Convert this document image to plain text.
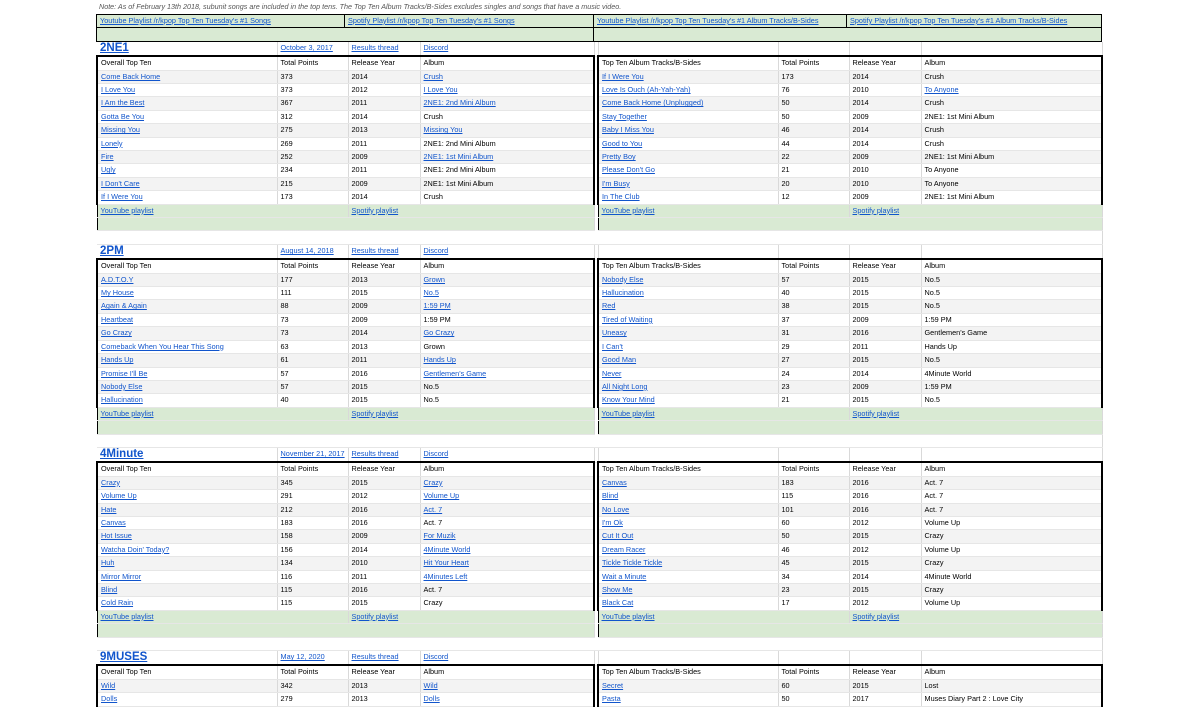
Note: As of February 13th 2018, subunit songs are included in the top tens. The Top Ten Album Tracks/B-Sides excludes singles and songs that have a music video.
Youtube Playlist /r/kpop Top Ten Tuesday's #1 Songs	Spotify Playlist /r/kpop Top Ten Tuesday's #1 Songs	Youtube Playlist /r/kpop Top Ten Tuesday's #1 Album Tracks/B-Sides	Spotify Playlist /r/kpop Top Ten Tuesday's #1 Album Tracks/B-Sides

2NE1	October 3, 2017	Results thread	Discord					
Overall Top Ten	Total Points	Release Year	Album		Top Ten Album Tracks/B-Sides	Total Points	Release Year	Album
Come Back Home	373	2014	Crush		If I Were You	173	2014	Crush
I Love You	373	2012	I Love You		Love Is Ouch (Ah-Yah-Yah)	76	2010	To Anyone
I Am the Best	367	2011	2NE1: 2nd Mini Album		Come Back Home (Unplugged)	50	2014	Crush
Gotta Be You	312	2014	Crush		Stay Together	50	2009	2NE1: 1st Mini Album
Missing You	275	2013	Missing You		Baby I Miss You	46	2014	Crush
Lonely	269	2011	2NE1: 2nd Mini Album		Good to You	44	2014	Crush
Fire	252	2009	2NE1: 1st Mini Album		Pretty Boy	22	2009	2NE1: 1st Mini Album
Ugly	234	2011	2NE1: 2nd Mini Album		Please Don't Go	21	2010	To Anyone
I Don't Care	215	2009	2NE1: 1st Mini Album		I'm Busy	20	2010	To Anyone
If I Were You	173	2014	Crush		In The Club	12	2009	2NE1: 1st Mini Album
YouTube playlist		Spotify playlist			YouTube playlist		Spotify playlist	

2PM	August 14, 2018	Results thread	Discord					
Overall Top Ten	Total Points	Release Year	Album		Top Ten Album Tracks/B-Sides	Total Points	Release Year	Album
A.D.T.O.Y	177	2013	Grown		Nobody Else	57	2015	No.5
My House	111	2015	No.5		Hallucination	40	2015	No.5
Again & Again	88	2009	1:59 PM		Red	38	2015	No.5
Heartbeat	73	2009	1:59 PM		Tired of Waiting	37	2009	1:59 PM
Go Crazy	73	2014	Go Crazy		Uneasy	31	2016	Gentlemen's Game
Comeback When You Hear This Song	63	2013	Grown		I Can't	29	2011	Hands Up
Hands Up	61	2011	Hands Up		Good Man	27	2015	No.5
Promise I'll Be	57	2016	Gentlemen's Game		Never	24	2014	4Minute World
Nobody Else	57	2015	No.5		All Night Long	23	2009	1:59 PM
Hallucination	40	2015	No.5		Know Your Mind	21	2015	No.5
YouTube playlist		Spotify playlist			YouTube playlist		Spotify playlist	

4Minute	November 21, 2017	Results thread	Discord					
Overall Top Ten	Total Points	Release Year	Album		Top Ten Album Tracks/B-Sides	Total Points	Release Year	Album
Crazy	345	2015	Crazy		Canvas	183	2016	Act. 7
Volume Up	291	2012	Volume Up		Blind	115	2016	Act. 7
Hate	212	2016	Act. 7		No Love	101	2016	Act. 7
Canvas	183	2016	Act. 7		I'm Ok	60	2012	Volume Up
Hot Issue	158	2009	For Muzik		Cut It Out	50	2015	Crazy
Watcha Doin' Today?	156	2014	4Minute World		Dream Racer	46	2012	Volume Up
Huh	134	2010	Hit Your Heart		Tickle Tickle Tickle	45	2015	Crazy
Mirror Mirror	116	2011	4Minutes Left		Wait a Minute	34	2014	4Minute World
Blind	115	2016	Act. 7		Show Me	23	2015	Crazy
Cold Rain	115	2015	Crazy		Black Cat	17	2012	Volume Up
YouTube playlist		Spotify playlist			YouTube playlist		Spotify playlist	

9MUSES	May 12, 2020	Results thread	Discord					
Overall Top Ten	Total Points	Release Year	Album		Top Ten Album Tracks/B-Sides	Total Points	Release Year	Album
Wild	342	2013	Wild		Secret	60	2015	Lost
Dolls	279	2013	Dolls		Pasta	50	2017	Muses Diary Part 2 : Love City
